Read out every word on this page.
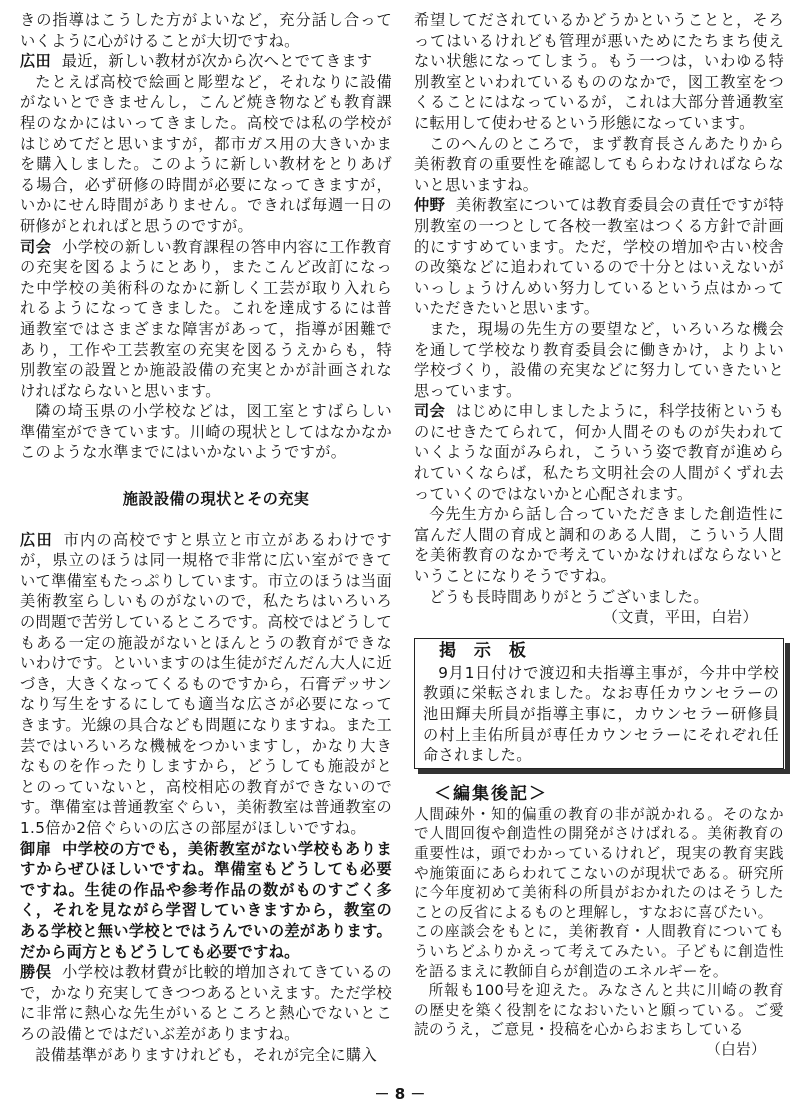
きの指導はこうした方がよいなど，充分話し合っていくように心がけることが大切ですね。

広田 最近，新しい教材が次から次へとでてきます

たとえば高校で絵画と彫塑など，それなりに設備がないとできませんし，こんど焼き物なども教育課程のなかにはいってきました。高校では私の学校がはじめてだと思いますが，都市ガス用の大きいかまを購入しました。このように新しい教材をとりあげる場合，必ず研修の時間が必要になってきますが，いかにせん時間がありません。できれば毎週一日の研修がとれればと思うのですが。

司会 小学校の新しい教育課程の答申内容に工作教育の充実を図るようにとあり，またこんど改訂になった中学校の美術科のなかに新しく工芸が取り入れられるようになってきました。これを達成するには普通教室ではさまざまな障害があって，指導が困難であり，工作や工芸教室の充実を図るうえからも，特別教室の設置とか施設設備の充実とかが計画されなければならないと思います。

隣の埼玉県の小学校などは，図工室とすばらしい準備室ができています。川崎の現状としてはなかなかこのような水準までにはいかないようですが。

施設設備の現状とその充実

広田 市内の高校ですと県立と市立があるわけですが，県立のほうは同一規格で非常に広い室ができていて準備室もたっぷりしています。市立のほうは当面美術教室らしいものがないので，私たちはいろいろの問題で苦労しているところです。高校ではどうしてもある一定の施設がないとほんとうの教育ができないわけです。といいますのは生徒がだんだん大人に近づき，大きくなってくるものですから，石膏デッサンなり写生をするにしても適当な広さが必要になってきます。光線の具合なども問題になりますね。また工芸ではいろいろな機械をつかいますし，かなり大きなものを作ったりしますから，どうしても施設がととのっていないと，高校相応の教育ができないのです。準備室は普通教室ぐらい，美術教室は普通教室の1.5倍か2倍ぐらいの広さの部屋がほしいですね。

御扉 中学校の方でも，美術教室がない学校もありますからぜひほしいですね。準備室もどうしても必要ですね。生徒の作品や参考作品の数がものすごく多く，それを見ながら学習していきますから，教室のある学校と無い学校とではうんでいの差があります。だから両方ともどうしても必要ですね。

勝俣 小学校は教材費が比較的増加されてきているので，かなり充実してきつつあるといえます。ただ学校に非常に熱心な先生がいるところと熱心でないところの設備とではだいぶ差がありますね。

設備基準がありますけれども，それが完全に購入

希望してだされているかどうかということと，そろってはいるけれども管理が悪いためにたちまち使えない状態になってしまう。もう一つは，いわゆる特別教室といわれているもののなかで，図工教室をつくることにはなっているが，これは大部分普通教室に転用して使わせるという形態になっています。

このへんのところで，まず教育長さんあたりから美術教育の重要性を確認してもらわなければならないと思いますね。

仲野 美術教室については教育委員会の責任ですが特別教室の一つとして各校一教室はつくる方針で計画的にすすめています。ただ，学校の増加や古い校舎の改築などに追われているので十分とはいえないがいっしょうけんめい努力しているという点はかっていただきたいと思います。

また，現場の先生方の要望など，いろいろな機会を通して学校なり教育委員会に働きかけ，よりよい学校づくり，設備の充実などに努力していきたいと思っています。

司会 はじめに申しましたように，科学技術というものにせきたてられて，何か人間そのものが失われていくような面がみられ，こういう姿で教育が進められていくならば，私たち文明社会の人間がくずれ去っていくのではないかと心配されます。

今先生方から話し合っていただきました創造性に富んだ人間の育成と調和のある人間，こういう人間を美術教育のなかで考えていかなければならないということになりそうですね。

どうも長時間ありがとうございました。

（文責，平田，白岩）

掲 示 板

9月1日付けで渡辺和夫指導主事が，今井中学校教頭に栄転されました。なお専任カウンセラーの池田輝夫所員が指導主事に，カウンセラー研修員の村上圭佑所員が専任カウンセラーにそれぞれ任命されました。

＜編集後記＞

人間疎外・知的偏重の教育の非が説かれる。そのなかで人間回復や創造性の開発がさけばれる。美術教育の重要性は，頭でわかっているけれど，現実の教育実践や施策面にあらわれてこないのが現状である。研究所に今年度初めて美術科の所員がおかれたのはそうしたことの反省によるものと理解し，すなおに喜びたい。

この座談会をもとに，美術教育・人間教育についてもういちどふりかえって考えてみたい。子どもに創造性を語るまえに教師自らが創造のエネルギーを。

所報も100号を迎えた。みなさんと共に川崎の教育の歴史を築く役割をになおいたいと願っている。ご愛読のうえ，ご意見・投稿を心からおまちしている

（白岩）

－ 8 －
